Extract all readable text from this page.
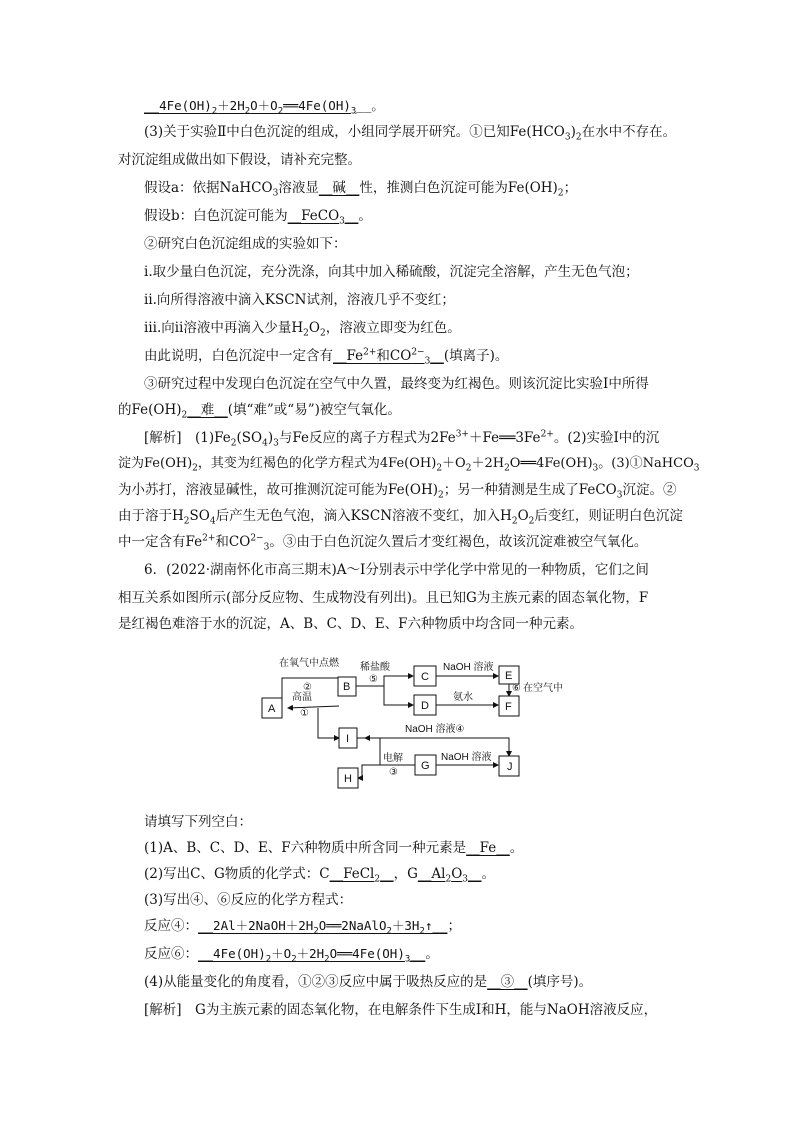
$\_\_4Fe(OH)_2+2H_2O+O_2══4Fe(OH)_3\_\_$。
(3)关于实验Ⅱ中白色沉淀的组成，小组同学展开研究。①已知$Fe(HCO_3)_2$在水中不存在。
对沉淀组成做出如下假设，请补充完整。
假设a：依据NaHCO$_3$溶液显__碱__性，推测白色沉淀可能为$Fe(OH)_2$；
假设b：白色沉淀可能为__FeCO$_3$__。
②研究白色沉淀组成的实验如下：
ⅰ.取少量白色沉淀，充分洗涤，向其中加入稀硫酸，沉淀完全溶解，产生无色气泡；
ⅱ.向所得溶液中滴入KSCN试剂，溶液几乎不变红；
ⅲ.向ⅱ溶液中再滴入少量$H_2O_2$，溶液立即变为红色。
由此说明，白色沉淀中一定含有$\_\_Fe^{2+}$和$CO^{2-}_3\_\_$(填离子)。
③研究过程中发现白色沉淀在空气中久置，最终变为红褐色。则该沉淀比实验Ⅰ中所得
的$Fe(OH)_2\_\_$难__(填“难”或“易”)被空气氧化。
[解析]　$(1)Fe_2(SO_4)_3$与Fe反应的离子方程式为$2Fe^{3+}+Fe══3Fe^{2+}$。(2)实验Ⅰ中的沉
淀为$Fe(OH)_2$，其变为红褐色的化学方程式为$4Fe(OH)_2+O_2+2H_2O══4Fe(OH)_3$。(3)①NaHCO$_3$
为小苏打，溶液显碱性，故可推测沉淀可能为$Fe(OH)_2$；另一种猜测是生成了FeCO$_3$沉淀。②
由于溶于$H_2SO_4$后产生无色气泡，滴入KSCN溶液不变红，加入$H_2O_2$后变红，则证明白色沉淀
中一定含有$Fe^{2+}$和$CO^{2-}_3$。③由于白色沉淀久置后才变红褐色，故该沉淀难被空气氧化。
6．(2022·湖南怀化市高三期末)A～I分别表示中学化学中常见的一种物质，它们之间
相互关系如图所示(部分反应物、生成物没有列出)。且已知G为主族元素的固态氧化物，F
是红褐色难溶于水的沉淀，A、B、C、D、E、F六种物质中均含同一种元素。
A
B
C
D
E
F
I
G	J
H
在氧气中点燃
②
稀盐酸
⑤
NaOH 溶液
⑥ 在空气中
氨水
高温
①
NaOH 溶液④
电解
③
NaOH 溶液
请填写下列空白：
(1)A、B、C、D、E、F六种物质中所含同一种元素是__Fe__。
(2)写出C、G物质的化学式：C__FeCl$_2$__，$G\_\_Al_2O_3\_\_$。
(3)写出④、⑥反应的化学方程式：
反应④：$\_\_2Al+2NaOH+2H_2O══2NaAlO_2+3H_2↑\_\_$；
反应⑥：$\_\_4Fe(OH)_2+O_2+2H_2O══4Fe(OH)_3\_\_$。
(4)从能量变化的角度看，①②③反应中属于吸热反应的是__③__(填序号)。
[解析]　G为主族元素的固态氧化物，在电解条件下生成I和H，能与NaOH溶液反应，
